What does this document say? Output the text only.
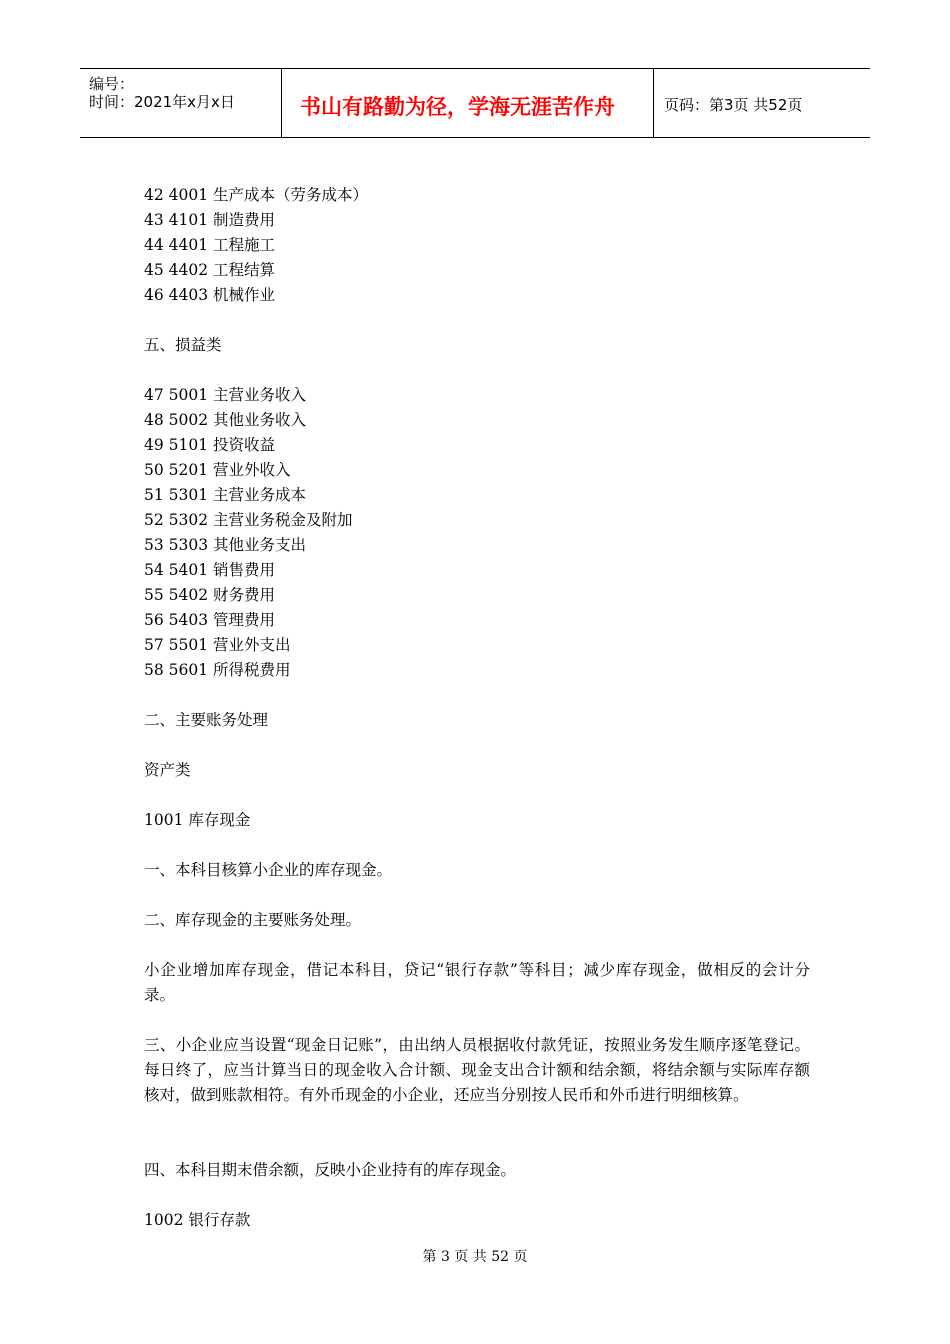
编号：
时间：2021年x月x日	书山有路勤为径，学海无涯苦作舟	页码：第3页 共52页
42 4001 生产成本（劳务成本）
43 4101 制造费用
44 4401 工程施工
45 4402 工程结算
46 4403 机械作业
五、损益类
47 5001 主营业务收入
48 5002 其他业务收入
49 5101 投资收益
50 5201 营业外收入
51 5301 主营业务成本
52 5302 主营业务税金及附加
53 5303 其他业务支出
54 5401 销售费用
55 5402 财务费用
56 5403 管理费用
57 5501 营业外支出
58 5601 所得税费用
二、主要账务处理
资产类
1001 库存现金
一、本科目核算小企业的库存现金。
二、库存现金的主要账务处理。
小企业增加库存现金，借记本科目，贷记“银行存款”等科目；减少库存现金，做相反的会计分录。
三、小企业应当设置“现金日记账”，由出纳人员根据收付款凭证，按照业务发生顺序逐笔登记。每日终了，应当计算当日的现金收入合计额、现金支出合计额和结余额，将结余额与实际库存额核对，做到账款相符。有外币现金的小企业，还应当分别按人民币和外币进行明细核算。
四、本科目期末借余额，反映小企业持有的库存现金。
1002 银行存款
第 3 页 共 52 页
